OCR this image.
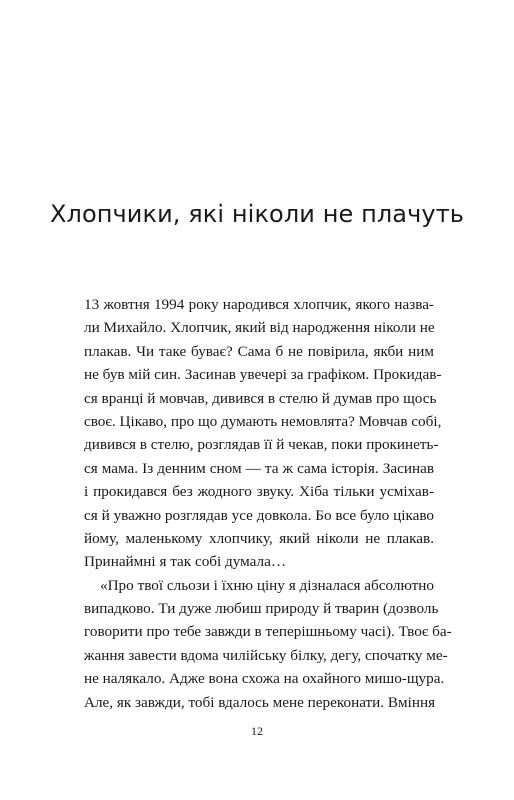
Хлопчики, які ніколи не плачуть
13 жовтня 1994 року народився хлопчик, якого назва-
ли Михайло. Хлопчик, який від народження ніколи не
плакав. Чи таке буває? Сама б не повірила, якби ним
не був мій син. Засинав увечері за графіком. Прокидав-
ся вранці й мовчав, дивився в стелю й думав про щось
своє. Цікаво, про що думають немовлята? Мовчав собі,
дивився в стелю, розглядав її й чекав, поки прокинеть-
ся мама. Із денним сном — та ж сама історія. Засинав
і прокидався без жодного звуку. Хіба тільки усміхав-
ся й уважно розглядав усе довкола. Бо все було цікаво
йому, маленькому хлопчику, який ніколи не плакав.
Принаймні я так собі думала…
«Про твої сльози і їхню ціну я дізналася абсолютно
випадково. Ти дуже любиш природу й тварин (дозволь
говорити про тебе завжди в теперішньому часі). Твоє ба-
жання завести вдома чилійську білку, дегу, спочатку ме-
не налякало. Адже вона схожа на охайного мишо-щура.
Але, як завжди, тобі вдалось мене переконати. Вміння
12
